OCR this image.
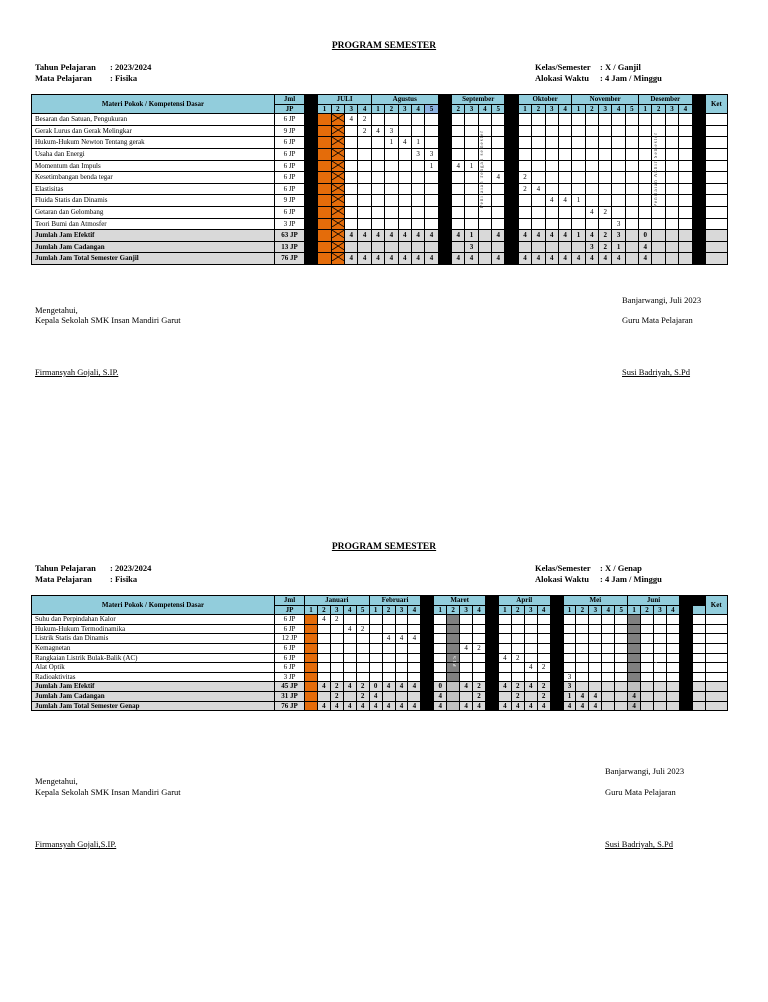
PROGRAM SEMESTER
Tahun Pelajaran : 2023/2024
Mata Pelajaran : Fisika
Kelas/Semester : X / Ganjil
Alokasi Waktu : 4 Jam / Minggu
Materi Pokok / Kompetensi Dasar	Jml		JULI				Agustus						September					Oktober				November					Desember					Ket
	JP		1	2	3	4	1	2	3	4	5		2	3	4	5		1	2	3	4	1	2	3	4	5	1	2	3	4		
Besaran dan Satuan, Pengukuran	6 JP				4	2																										
Gerak Lurus dan Gerak Melingkar	9 JP					2	4	3																								
Hukum-Hukum Newton Tentang gerak	6 JP							1	4	1																						
Usaha dan Energi	6 JP									3	3																					
Momentum dan Impuls	6 JP										1		4	1																		
Kesetimbangan benda tegar	6 JP															4		2														
Elastisitas	6 JP																	2	4													
Fluida Statis dan Dinamis	9 JP																			4	4	1										
Getaran dan Gelombang	6 JP																						4	2								
Teori Bumi dan Atmosfer	3 JP																								3							
Jumlah Jam Efektif	63 JP				4	4	4	4	4	4	4		4	1		4		4	4	4	4	1	4	2	3		0					
Jumlah Jam Cadangan	13 JP													3									3	2	1		4					
Jumlah Jam Total Semester Ganjil	76 JP				4	4	4	4	4	4	4		4	4		4		4	4	4	4	4	4	4	4		4					
Banjarwangi, Juli 2023
Mengetahui,
Kepala Sekolah SMK Insan Mandiri Garut	Guru Mata Pelajaran
Firmansyah Gojali, S.IP.	Susi Badriyah, S.Pd
PROGRAM SEMESTER
Tahun Pelajaran : 2023/2024
Mata Pelajaran : Fisika
Kelas/Semester : X / Genap
Alokasi Waktu : 4 Jam / Minggu
Materi Pokok / Kompetensi Dasar	Jml	Januari					Februari					Maret					April					Mei					Juni						Ket
	JP	1	2	3	4	5	1	2	3	4		1	2	3	4		1	2	3	4		1	2	3	4	5	1	2	3	4			
Suhu dan Perpindahan Kalor	6 JP		4	2																													
Hukum-Hukum Termodinamika	6 JP				4	2																											
Listrik Statis dan Dinamis	12 JP							4	4	4																							
Kemagnetan	6 JP													4	2																		
Rangkaian Listrik Bulak-Balik (AC)	6 JP																4	2															
Alat Optik	6 JP																		4	2													
Radioaktivitas	3 JP																					3											
Jumlah Jam Efektif	45 JP		4	2	4	2	0	4	4	4		0		4	2		4	2	4	2		3											
Jumlah Jam Cadangan	31 JP			2		2	4					4			2			2		2		1	4	4			4						
Jumlah Jam Total Semester Genap	76 JP		4	4	4	4	4	4	4	4		4		4	4		4	4	4	4		4	4	4			4						
Banjarwangi, Juli 2023
Mengetahui,
Kepala Sekolah SMK Insan Mandiri Garut	Guru Mata Pelajaran
Firmansyah Gojali,S.IP.	Susi Badriyah, S.Pd
Penilaian Tengah semester	Penilaian Akhir Semester
PTS	PAT
